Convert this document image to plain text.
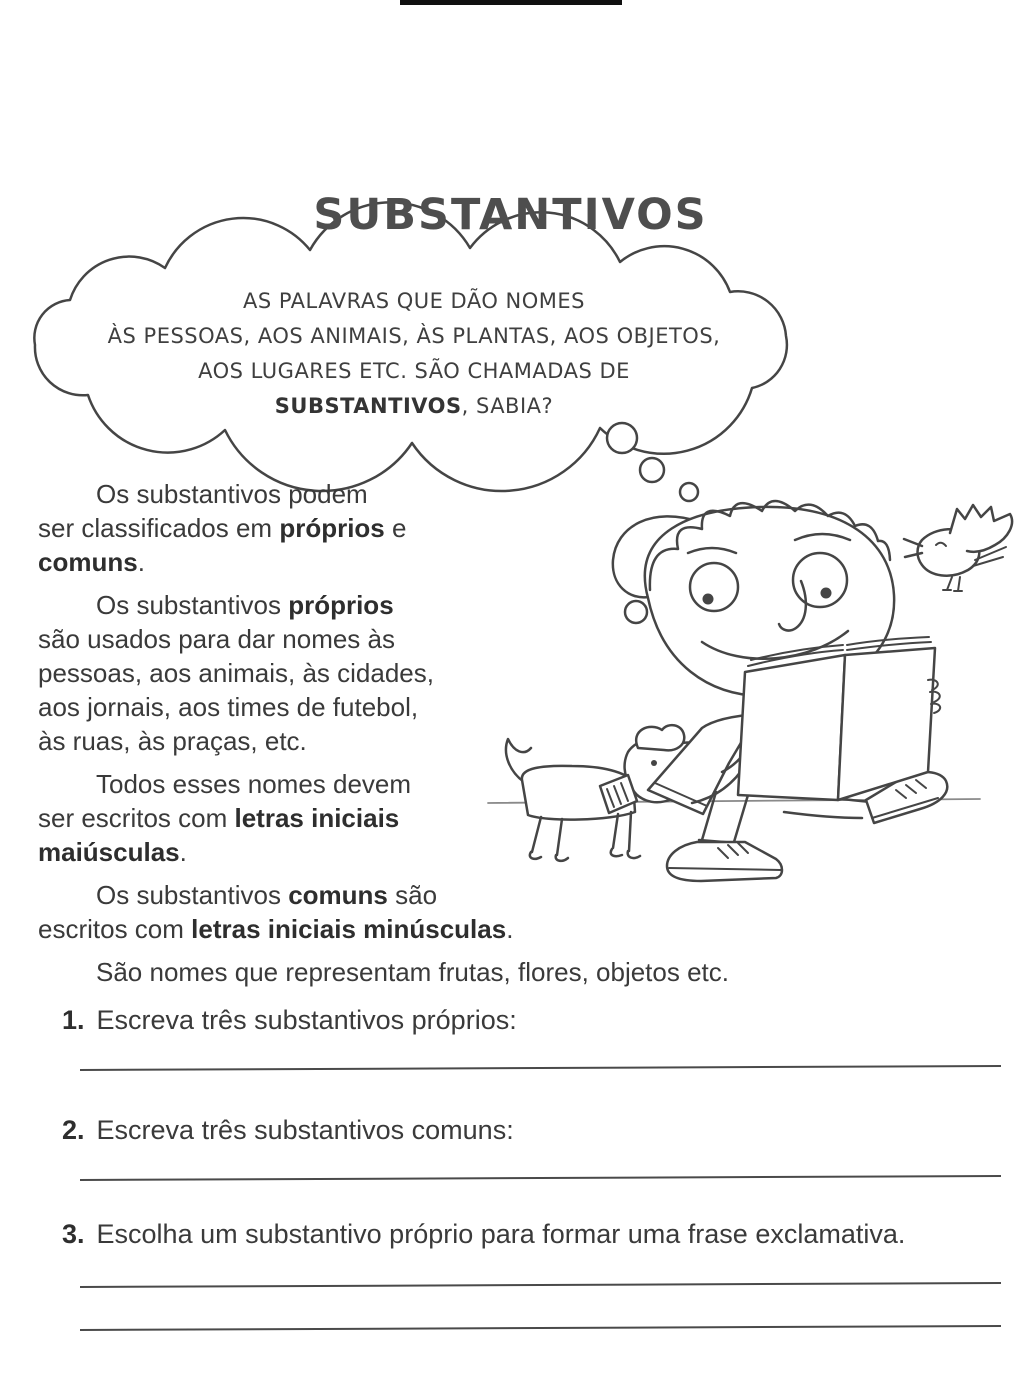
SUBSTANTIVOS
AS PALAVRAS QUE DÃO NOMES
ÀS PESSOAS, AOS ANIMAIS, ÀS PLANTAS, AOS OBJETOS,
AOS LUGARES ETC. SÃO CHAMADAS DE
SUBSTANTIVOS, SABIA?
Os substantivos podem
ser classificados em próprios e
comuns.
Os substantivos próprios
são usados para dar nomes às
pessoas, aos animais, às cidades,
aos jornais, aos times de futebol,
às ruas, às praças, etc.
Todos esses nomes devem
ser escritos com letras iniciais
maiúsculas.
Os substantivos comuns são
escritos com letras iniciais minúsculas.
São nomes que representam frutas, flores, objetos etc.
1. Escreva três substantivos próprios:
2. Escreva três substantivos comuns:
3. Escolha um substantivo próprio para formar uma frase exclamativa.
